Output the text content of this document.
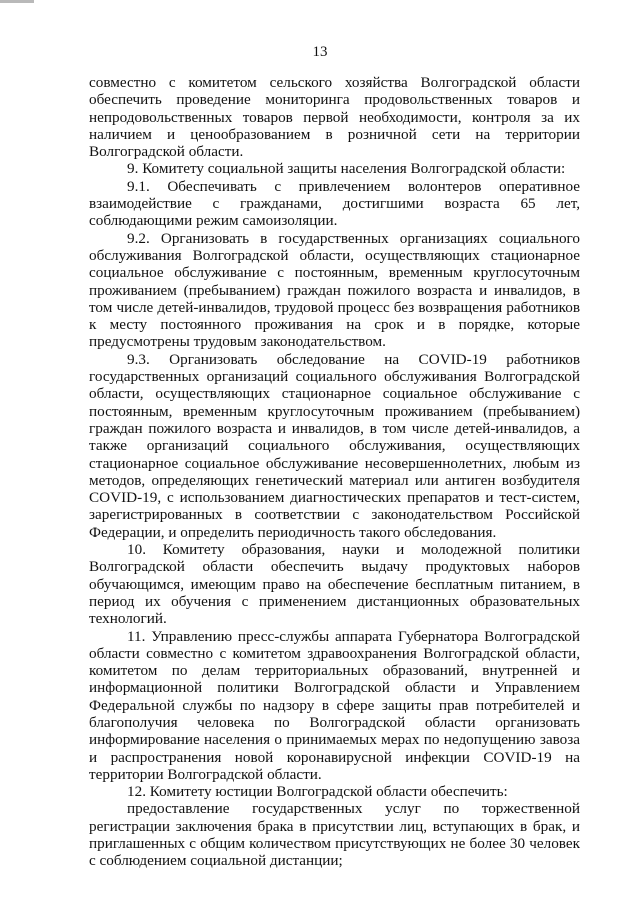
13

совместно с комитетом сельского хозяйства Волгоградской области обеспечить проведение мониторинга продовольственных товаров и непродовольственных товаров первой необходимости, контроля за их наличием и ценообразованием в розничной сети на территории Волгоградской области.

9. Комитету социальной защиты населения Волгоградской области:

9.1. Обеспечивать с привлечением волонтеров оперативное взаимодействие с гражданами, достигшими возраста 65 лет, соблюдающими режим самоизоляции.

9.2. Организовать в государственных организациях социального обслуживания Волгоградской области, осуществляющих стационарное социальное обслуживание с постоянным, временным круглосуточным проживанием (пребыванием) граждан пожилого возраста и инвалидов, в том числе детей-инвалидов, трудовой процесс без возвращения работников к месту постоянного проживания на срок и в порядке, которые предусмотрены трудовым законодательством.

9.3. Организовать обследование на COVID-19 работников государственных организаций социального обслуживания Волгоградской области, осуществляющих стационарное социальное обслуживание с постоянным, временным круглосуточным проживанием (пребыванием) граждан пожилого возраста и инвалидов, в том числе детей-инвалидов, а также организаций социального обслуживания, осуществляющих стационарное социальное обслуживание несовершеннолетних, любым из методов, определяющих генетический материал или антиген возбудителя COVID-19, с использованием диагностических препаратов и тест-систем, зарегистрированных в соответствии с законодательством Российской Федерации, и определить периодичность такого обследования.

10. Комитету образования, науки и молодежной политики Волгоградской области обеспечить выдачу продуктовых наборов обучающимся, имеющим право на обеспечение бесплатным питанием, в период их обучения с применением дистанционных образовательных технологий.

11. Управлению пресс-службы аппарата Губернатора Волгоградской области совместно с комитетом здравоохранения Волгоградской области, комитетом по делам территориальных образований, внутренней и информационной политики Волгоградской области и Управлением Федеральной службы по надзору в сфере защиты прав потребителей и благополучия человека по Волгоградской области организовать информирование населения о принимаемых мерах по недопущению завоза и распространения новой коронавирусной инфекции COVID-19 на территории Волгоградской области.

12. Комитету юстиции Волгоградской области обеспечить:

предоставление государственных услуг по торжественной регистрации заключения брака в присутствии лиц, вступающих в брак, и приглашенных с общим количеством присутствующих не более 30 человек с соблюдением социальной дистанции;
